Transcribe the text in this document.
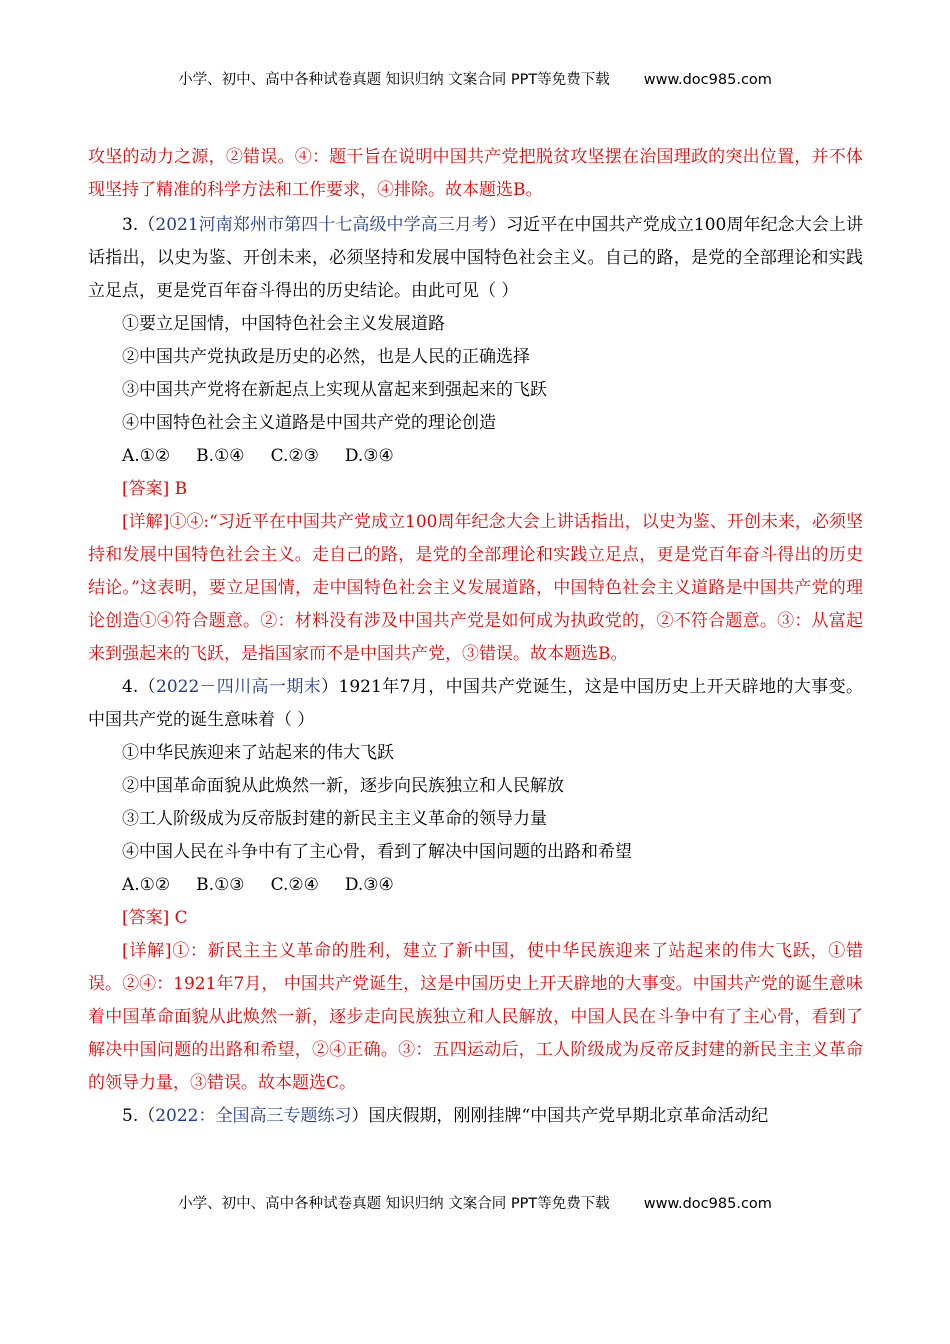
小学、初中、高中各种试卷真题 知识归纳 文案合同 PPT等免费下载 www.doc985.com

攻坚的动力之源，②错误。④：题干旨在说明中国共产党把脱贫攻坚摆在治国理政的突出位置，并不体现坚持了精准的科学方法和工作要求，④排除。故本题选B。

3.（2021河南郑州市第四十七高级中学高三月考）习近平在中国共产党成立100周年纪念大会上讲话指出，以史为鉴、开创未来，必须坚持和发展中国特色社会主义。自己的路，是党的全部理论和实践立足点，更是党百年奋斗得出的历史结论。由此可见（ ）

①要立足国情，中国特色社会主义发展道路

②中国共产党执政是历史的必然，也是人民的正确选择

③中国共产党将在新起点上实现从富起来到强起来的飞跃

④中国特色社会主义道路是中国共产党的理论创造

A.①② B.①④ C.②③ D.③④

[答案] B

[详解]①④:“习近平在中国共产党成立100周年纪念大会上讲话指出，以史为鉴、开创未来，必须坚持和发展中国特色社会主义。走自己的路，是党的全部理论和实践立足点，更是党百年奋斗得出的历史结论。”这表明，要立足国情，走中国特色社会主义发展道路，中国特色社会主义道路是中国共产党的理论创造①④符合题意。②：材料没有涉及中国共产党是如何成为执政党的，②不符合题意。③：从富起来到强起来的飞跃，是指国家而不是中国共产党，③错误。故本题选B。

4.（2022－四川高一期末）1921年7月，中国共产党诞生，这是中国历史上开天辟地的大事变。中国共产党的诞生意味着（ ）

①中华民族迎来了站起来的伟大飞跃

②中国革命面貌从此焕然一新，逐步向民族独立和人民解放

③工人阶级成为反帝版封建的新民主主义革命的领导力量

④中国人民在斗争中有了主心骨，看到了解决中国问题的出路和希望

A.①② B.①③ C.②④ D.③④

[答案] C

[详解]①：新民主主义革命的胜利，建立了新中国，使中华民族迎来了站起来的伟大飞跃，①错误。②④：1921年7月， 中国共产党诞生，这是中国历史上开天辟地的大事变。中国共产党的诞生意味着中国革命面貌从此焕然一新，逐步走向民族独立和人民解放，中国人民在斗争中有了主心骨，看到了解决中国问题的出路和希望，②④正确。③：五四运动后，工人阶级成为反帝反封建的新民主主义革命的领导力量，③错误。故本题选C。

5.（2022：全国高三专题练习）国庆假期，刚刚挂牌“中国共产党早期北京革命活动纪

小学、初中、高中各种试卷真题 知识归纳 文案合同 PPT等免费下载 www.doc985.com
